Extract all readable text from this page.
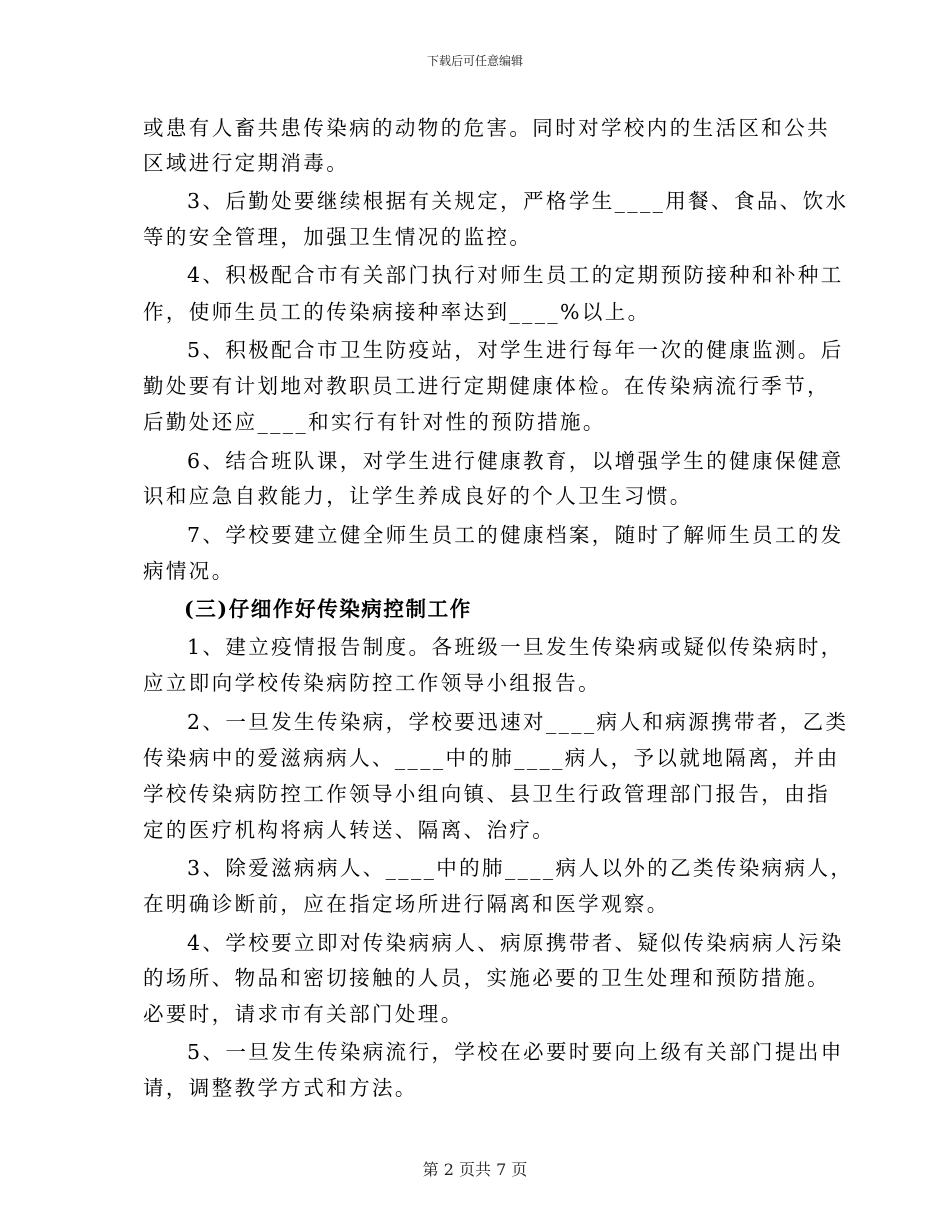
下载后可任意编辑
或患有人畜共患传染病的动物的危害。同时对学校内的生活区和公共
区域进行定期消毒。
3、后勤处要继续根据有关规定，严格学生____用餐、食品、饮水
等的安全管理，加强卫生情况的监控。
4、积极配合市有关部门执行对师生员工的定期预防接种和补种工
作，使师生员工的传染病接种率达到____%以上。
5、积极配合市卫生防疫站，对学生进行每年一次的健康监测。后
勤处要有计划地对教职员工进行定期健康体检。在传染病流行季节，
后勤处还应____和实行有针对性的预防措施。
6、结合班队课，对学生进行健康教育，以增强学生的健康保健意
识和应急自救能力，让学生养成良好的个人卫生习惯。
7、学校要建立健全师生员工的健康档案，随时了解师生员工的发
病情况。
(三)仔细作好传染病控制工作
1、建立疫情报告制度。各班级一旦发生传染病或疑似传染病时，
应立即向学校传染病防控工作领导小组报告。
2、一旦发生传染病，学校要迅速对____病人和病源携带者，乙类
传染病中的爱滋病病人、____中的肺____病人，予以就地隔离，并由
学校传染病防控工作领导小组向镇、县卫生行政管理部门报告，由指
定的医疗机构将病人转送、隔离、治疗。
3、除爱滋病病人、____中的肺____病人以外的乙类传染病病人，
在明确诊断前，应在指定场所进行隔离和医学观察。
4、学校要立即对传染病病人、病原携带者、疑似传染病病人污染
的场所、物品和密切接触的人员，实施必要的卫生处理和预防措施。
必要时，请求市有关部门处理。
5、一旦发生传染病流行，学校在必要时要向上级有关部门提出申
请，调整教学方式和方法。
第 2 页共 7 页
